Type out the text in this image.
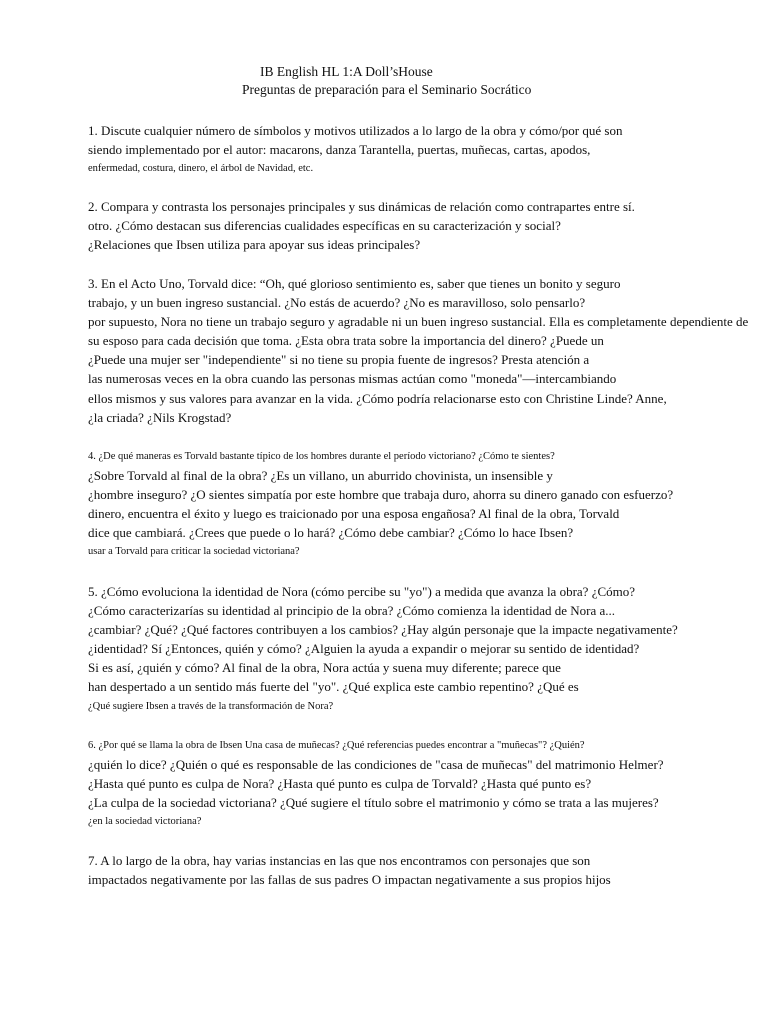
IB English HL 1:A Doll’sHouse
Preguntas de preparación para el Seminario Socrático
1. Discute cualquier número de símbolos y motivos utilizados a lo largo de la obra y cómo/por qué son
siendo implementado por el autor: macarons, danza Tarantella, puertas, muñecas, cartas, apodos,
enfermedad, costura, dinero, el árbol de Navidad, etc.
2. Compara y contrasta los personajes principales y sus dinámicas de relación como contrapartes entre sí.
otro. ¿Cómo destacan sus diferencias cualidades específicas en su caracterización y social?
¿Relaciones que Ibsen utiliza para apoyar sus ideas principales?
3. En el Acto Uno, Torvald dice: “Oh, qué glorioso sentimiento es, saber que tienes un bonito y seguro
trabajo, y un buen ingreso sustancial. ¿No estás de acuerdo? ¿No es maravilloso, solo pensarlo?
por supuesto, Nora no tiene un trabajo seguro y agradable ni un buen ingreso sustancial. Ella es completamente dependiente de
su esposo para cada decisión que toma. ¿Esta obra trata sobre la importancia del dinero? ¿Puede un
¿Puede una mujer ser "independiente" si no tiene su propia fuente de ingresos? Presta atención a
las numerosas veces en la obra cuando las personas mismas actúan como "moneda"—intercambiando
ellos mismos y sus valores para avanzar en la vida. ¿Cómo podría relacionarse esto con Christine Linde? Anne,
¿la criada? ¿Nils Krogstad?
4. ¿De qué maneras es Torvald bastante típico de los hombres durante el período victoriano? ¿Cómo te sientes?
¿Sobre Torvald al final de la obra? ¿Es un villano, un aburrido chovinista, un insensible y
¿hombre inseguro? ¿O sientes simpatía por este hombre que trabaja duro, ahorra su dinero ganado con esfuerzo?
dinero, encuentra el éxito y luego es traicionado por una esposa engañosa? Al final de la obra, Torvald
dice que cambiará. ¿Crees que puede o lo hará? ¿Cómo debe cambiar? ¿Cómo lo hace Ibsen?
usar a Torvald para criticar la sociedad victoriana?
5. ¿Cómo evoluciona la identidad de Nora (cómo percibe su "yo") a medida que avanza la obra? ¿Cómo?
¿Cómo caracterizarías su identidad al principio de la obra? ¿Cómo comienza la identidad de Nora a...
¿cambiar? ¿Qué? ¿Qué factores contribuyen a los cambios? ¿Hay algún personaje que la impacte negativamente?
¿identidad? Sí ¿Entonces, quién y cómo? ¿Alguien la ayuda a expandir o mejorar su sentido de identidad?
Si es así, ¿quién y cómo? Al final de la obra, Nora actúa y suena muy diferente; parece que
han despertado a un sentido más fuerte del "yo". ¿Qué explica este cambio repentino? ¿Qué es
¿Qué sugiere Ibsen a través de la transformación de Nora?
6. ¿Por qué se llama la obra de Ibsen Una casa de muñecas? ¿Qué referencias puedes encontrar a "muñecas"? ¿Quién?
¿quién lo dice? ¿Quién o qué es responsable de las condiciones de "casa de muñecas" del matrimonio Helmer?
¿Hasta qué punto es culpa de Nora? ¿Hasta qué punto es culpa de Torvald? ¿Hasta qué punto es?
¿La culpa de la sociedad victoriana? ¿Qué sugiere el título sobre el matrimonio y cómo se trata a las mujeres?
¿en la sociedad victoriana?
7. A lo largo de la obra, hay varias instancias en las que nos encontramos con personajes que son
impactados negativamente por las fallas de sus padres O impactan negativamente a sus propios hijos
